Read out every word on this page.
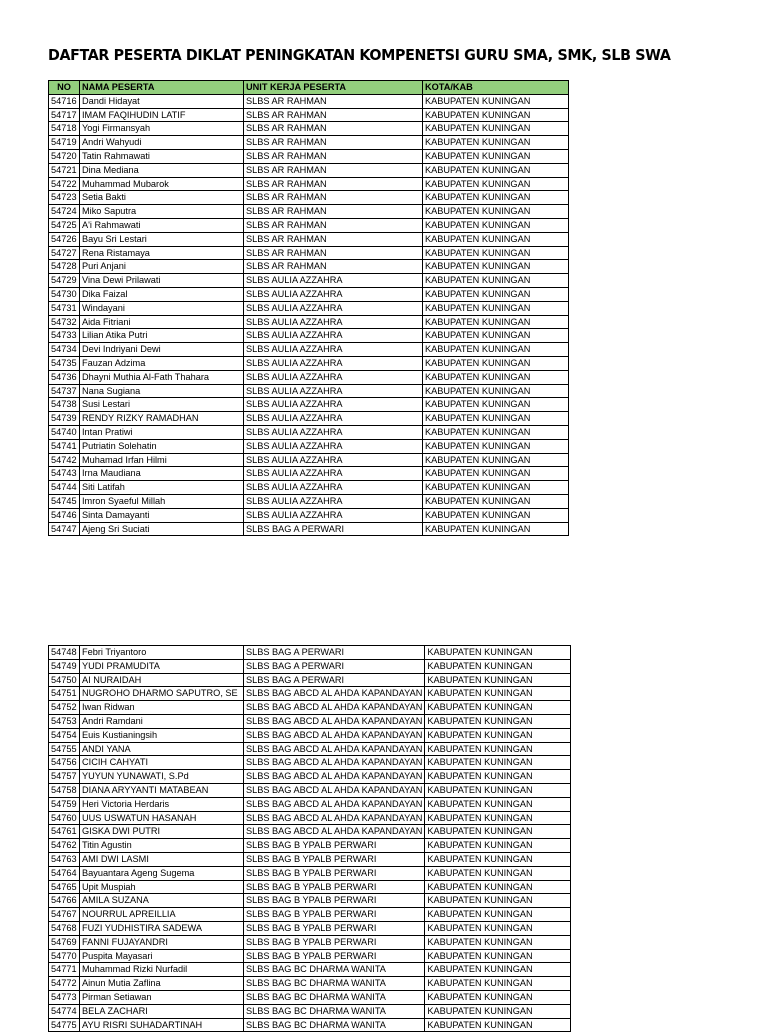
DAFTAR PESERTA DIKLAT PENINGKATAN KOMPENETSI GURU SMA, SMK, SLB SWA
NO	NAMA PESERTA	UNIT KERJA PESERTA	KOTA/KAB
54716	Dandi Hidayat	SLBS AR RAHMAN	KABUPATEN KUNINGAN
54717	IMAM FAQIHUDIN LATIF	SLBS AR RAHMAN	KABUPATEN KUNINGAN
54718	Yogi Firmansyah	SLBS AR RAHMAN	KABUPATEN KUNINGAN
54719	Andri Wahyudi	SLBS AR RAHMAN	KABUPATEN KUNINGAN
54720	Tatin Rahmawati	SLBS AR RAHMAN	KABUPATEN KUNINGAN
54721	Dina Mediana	SLBS AR RAHMAN	KABUPATEN KUNINGAN
54722	Muhammad Mubarok	SLBS AR RAHMAN	KABUPATEN KUNINGAN
54723	Setia Bakti	SLBS AR RAHMAN	KABUPATEN KUNINGAN
54724	Miko Saputra	SLBS AR RAHMAN	KABUPATEN KUNINGAN
54725	A'i Rahmawati	SLBS AR RAHMAN	KABUPATEN KUNINGAN
54726	Bayu Sri Lestari	SLBS AR RAHMAN	KABUPATEN KUNINGAN
54727	Rena Ristamaya	SLBS AR RAHMAN	KABUPATEN KUNINGAN
54728	Puri Anjani	SLBS AR RAHMAN	KABUPATEN KUNINGAN
54729	Vina Dewi Prilawati	SLBS AULIA AZZAHRA	KABUPATEN KUNINGAN
54730	Dika Faizal	SLBS AULIA AZZAHRA	KABUPATEN KUNINGAN
54731	Windayani	SLBS AULIA AZZAHRA	KABUPATEN KUNINGAN
54732	Aida Fitriani	SLBS AULIA AZZAHRA	KABUPATEN KUNINGAN
54733	Lilian Atika Putri	SLBS AULIA AZZAHRA	KABUPATEN KUNINGAN
54734	Devi Indriyani Dewi	SLBS AULIA AZZAHRA	KABUPATEN KUNINGAN
54735	Fauzan Adzima	SLBS AULIA AZZAHRA	KABUPATEN KUNINGAN
54736	Dhayni Muthia Al-Fath Thahara	SLBS AULIA AZZAHRA	KABUPATEN KUNINGAN
54737	Nana Sugiana	SLBS AULIA AZZAHRA	KABUPATEN KUNINGAN
54738	Susi Lestari	SLBS AULIA AZZAHRA	KABUPATEN KUNINGAN
54739	RENDY RIZKY RAMADHAN	SLBS AULIA AZZAHRA	KABUPATEN KUNINGAN
54740	Intan Pratiwi	SLBS AULIA AZZAHRA	KABUPATEN KUNINGAN
54741	Putriatin Solehatin	SLBS AULIA AZZAHRA	KABUPATEN KUNINGAN
54742	Muhamad Irfan Hilmi	SLBS AULIA AZZAHRA	KABUPATEN KUNINGAN
54743	Irna Maudiana	SLBS AULIA AZZAHRA	KABUPATEN KUNINGAN
54744	Siti Latifah	SLBS AULIA AZZAHRA	KABUPATEN KUNINGAN
54745	Imron Syaeful Millah	SLBS AULIA AZZAHRA	KABUPATEN KUNINGAN
54746	Sinta Damayanti	SLBS AULIA AZZAHRA	KABUPATEN KUNINGAN
54747	Ajeng Sri Suciati	SLBS BAG A PERWARI	KABUPATEN KUNINGAN
54748	Febri Triyantoro	SLBS BAG A PERWARI	KABUPATEN KUNINGAN
54749	YUDI PRAMUDITA	SLBS BAG A PERWARI	KABUPATEN KUNINGAN
54750	AI NURAIDAH	SLBS BAG A PERWARI	KABUPATEN KUNINGAN
54751	NUGROHO DHARMO SAPUTRO, SE	SLBS BAG ABCD AL AHDA KAPANDAYAN	KABUPATEN KUNINGAN
54752	Iwan Ridwan	SLBS BAG ABCD AL AHDA KAPANDAYAN	KABUPATEN KUNINGAN
54753	Andri Ramdani	SLBS BAG ABCD AL AHDA KAPANDAYAN	KABUPATEN KUNINGAN
54754	Euis Kustianingsih	SLBS BAG ABCD AL AHDA KAPANDAYAN	KABUPATEN KUNINGAN
54755	ANDI YANA	SLBS BAG ABCD AL AHDA KAPANDAYAN	KABUPATEN KUNINGAN
54756	CICIH CAHYATI	SLBS BAG ABCD AL AHDA KAPANDAYAN	KABUPATEN KUNINGAN
54757	YUYUN YUNAWATI, S.Pd	SLBS BAG ABCD AL AHDA KAPANDAYAN	KABUPATEN KUNINGAN
54758	DIANA ARYYANTI MATABEAN	SLBS BAG ABCD AL AHDA KAPANDAYAN	KABUPATEN KUNINGAN
54759	Heri Victoria Herdaris	SLBS BAG ABCD AL AHDA KAPANDAYAN	KABUPATEN KUNINGAN
54760	UUS USWATUN HASANAH	SLBS BAG ABCD AL AHDA KAPANDAYAN	KABUPATEN KUNINGAN
54761	GISKA DWI PUTRI	SLBS BAG ABCD AL AHDA KAPANDAYAN	KABUPATEN KUNINGAN
54762	Titin Agustin	SLBS BAG B YPALB PERWARI	KABUPATEN KUNINGAN
54763	AMI DWI LASMI	SLBS BAG B YPALB PERWARI	KABUPATEN KUNINGAN
54764	Bayuantara Ageng Sugema	SLBS BAG B YPALB PERWARI	KABUPATEN KUNINGAN
54765	Upit Muspiah	SLBS BAG B YPALB PERWARI	KABUPATEN KUNINGAN
54766	AMILA SUZANA	SLBS BAG B YPALB PERWARI	KABUPATEN KUNINGAN
54767	NOURRUL APREILLIA	SLBS BAG B YPALB PERWARI	KABUPATEN KUNINGAN
54768	FUZI YUDHISTIRA SADEWA	SLBS BAG B YPALB PERWARI	KABUPATEN KUNINGAN
54769	FANNI FUJAYANDRI	SLBS BAG B YPALB PERWARI	KABUPATEN KUNINGAN
54770	Puspita Mayasari	SLBS BAG B YPALB PERWARI	KABUPATEN KUNINGAN
54771	Muhammad Rizki Nurfadil	SLBS BAG BC DHARMA WANITA	KABUPATEN KUNINGAN
54772	Ainun Mutia Zaflina	SLBS BAG BC DHARMA WANITA	KABUPATEN KUNINGAN
54773	Pirman Setiawan	SLBS BAG BC DHARMA WANITA	KABUPATEN KUNINGAN
54774	BELA ZACHARI	SLBS BAG BC DHARMA WANITA	KABUPATEN KUNINGAN
54775	AYU RISRI SUHADARTINAH	SLBS BAG BC DHARMA WANITA	KABUPATEN KUNINGAN
